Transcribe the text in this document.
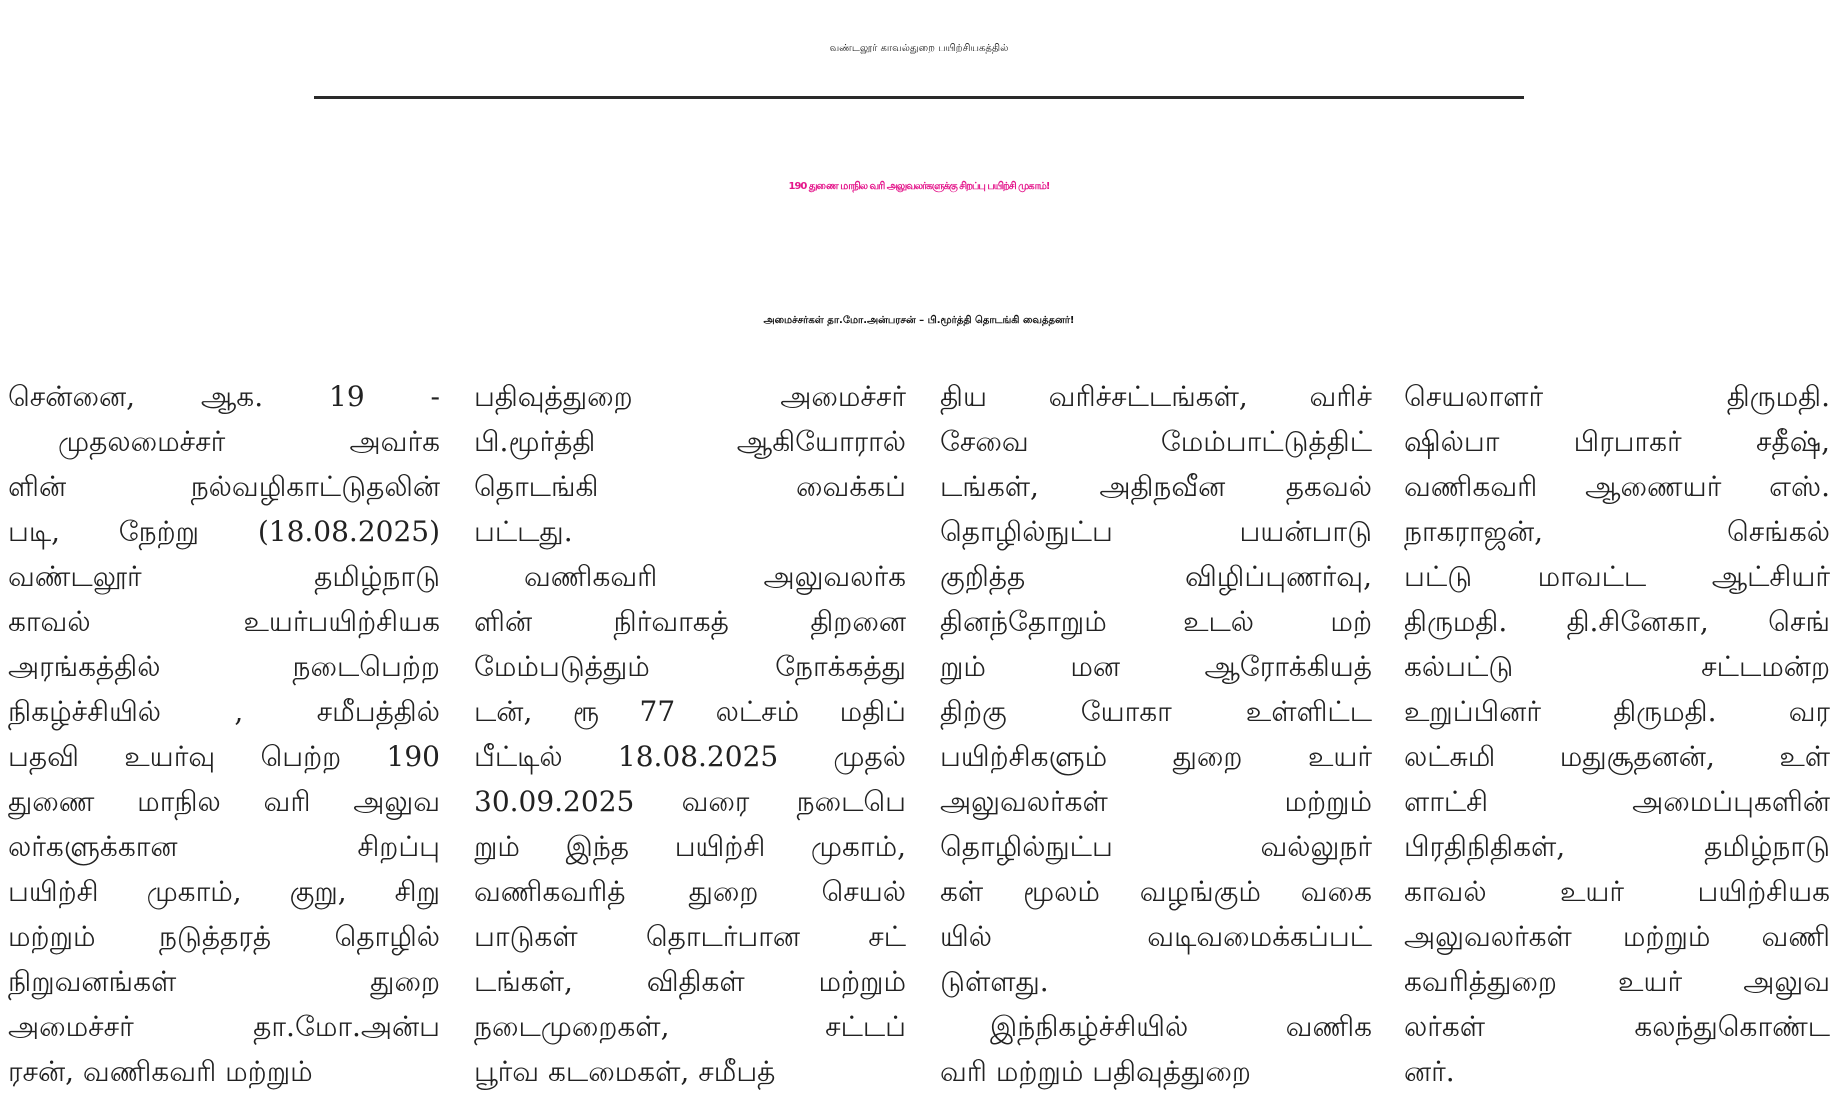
வண்டலூர் காவல்துறை பயிற்சியகத்தில்
190 துணை மாநில வரி அலுவலர்களுக்கு சிறப்பு பயிற்சி முகாம்!
அமைச்சர்கள் தா.மோ.அன்பரசன் – பி.மூர்த்தி தொடங்கி வைத்தனர்!
சென்னை, ஆக. 19 -
முதலமைச்சர் அவர்க
ளின் நல்வழிகாட்டுதலின்
படி, நேற்று (18.08.2025)
வண்டலூர் தமிழ்நாடு
காவல் உயர்பயிற்சியக
அரங்கத்தில் நடைபெற்ற
நிகழ்ச்சியில் , சமீபத்தில்
பதவி உயர்வு பெற்ற 190
துணை மாநில வரி அலுவ
லர்களுக்கான சிறப்பு
பயிற்சி முகாம், குறு, சிறு
மற்றும் நடுத்தரத் தொழில்
நிறுவனங்கள் துறை
அமைச்சர் தா.மோ.அன்ப
ரசன், வணிகவரி மற்றும்
பதிவுத்துறை அமைச்சர்
பி.மூர்த்தி ஆகியோரால்
தொடங்கி வைக்கப்
பட்டது.
வணிகவரி அலுவலர்க
ளின் நிர்வாகத் திறனை
மேம்படுத்தும் நோக்கத்து
டன், ரூ 77 லட்சம் மதிப்
பீட்டில் 18.08.2025 முதல்
30.09.2025 வரை நடைபெ
றும் இந்த பயிற்சி முகாம்,
வணிகவரித் துறை செயல்
பாடுகள் தொடர்பான சட்
டங்கள், விதிகள் மற்றும்
நடைமுறைகள், சட்டப்
பூர்வ கடமைகள், சமீபத்
திய வரிச்சட்டங்கள், வரிச்
சேவை மேம்பாட்டுத்திட்
டங்கள், அதிநவீன தகவல்
தொழில்நுட்ப பயன்பாடு
குறித்த விழிப்புணர்வு,
தினந்தோறும் உடல் மற்
றும் மன ஆரோக்கியத்
திற்கு யோகா உள்ளிட்ட
பயிற்சிகளும் துறை உயர்
அலுவலர்கள் மற்றும்
தொழில்நுட்ப வல்லுநர்
கள் மூலம் வழங்கும் வகை
யில் வடிவமைக்கப்பட்
டுள்ளது.
இந்நிகழ்ச்சியில் வணிக
வரி மற்றும் பதிவுத்துறை
செயலாளர் திருமதி.
ஷில்பா பிரபாகர் சதீஷ்,
வணிகவரி ஆணையர் எஸ்.
நாகராஜன், செங்கல்
பட்டு மாவட்ட ஆட்சியர்
திருமதி. தி.சினேகா, செங்
கல்பட்டு சட்டமன்ற
உறுப்பினர் திருமதி. வர
லட்சுமி மதுசூதனன், உள்
ளாட்சி அமைப்புகளின்
பிரதிநிதிகள், தமிழ்நாடு
காவல் உயர் பயிற்சியக
அலுவலர்கள் மற்றும் வணி
கவரித்துறை உயர் அலுவ
லர்கள் கலந்துகொண்ட
னர்.
